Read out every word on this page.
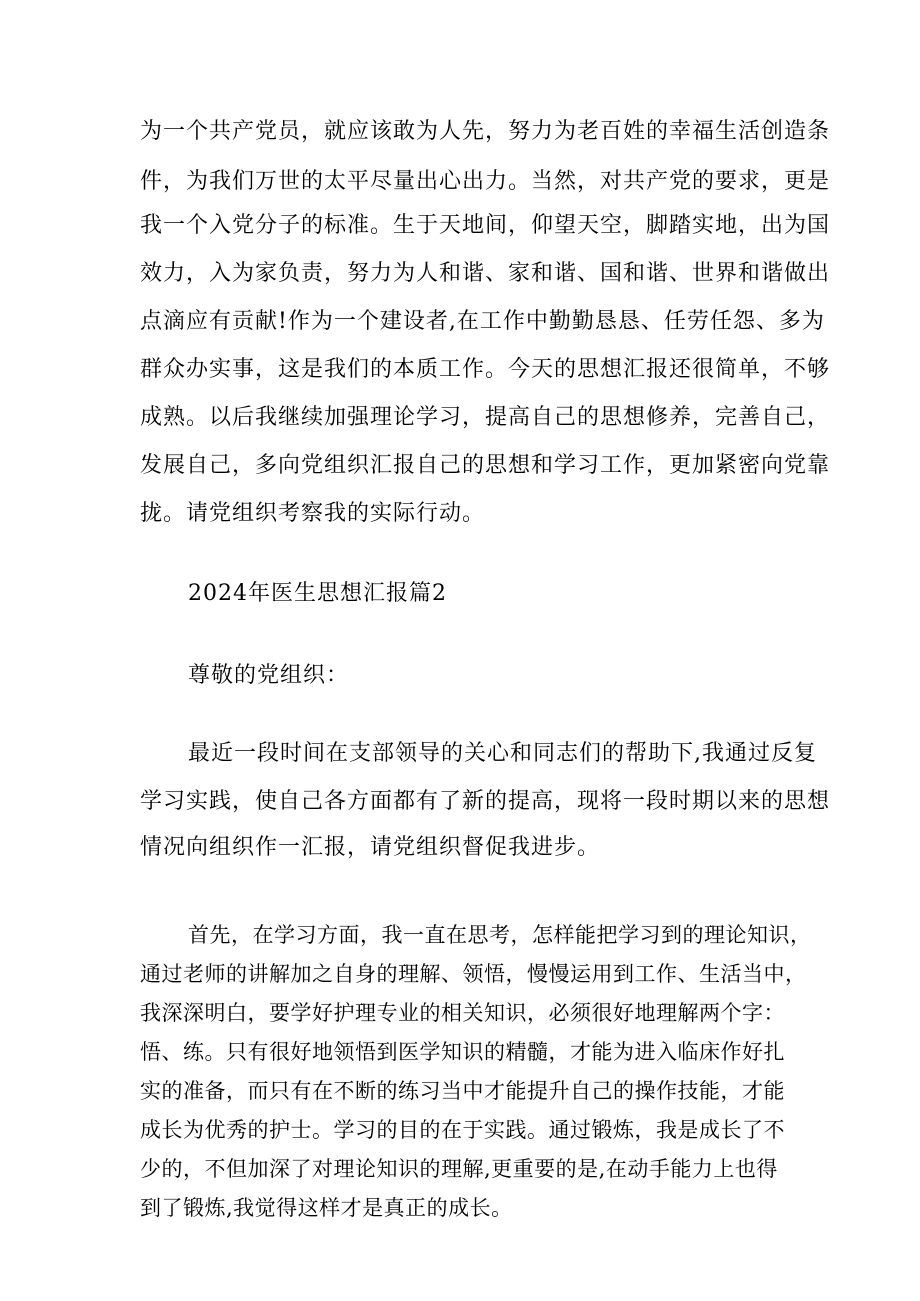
为一个共产党员，就应该敢为人先，努力为老百姓的幸福生活创造条
件，为我们万世的太平尽量出心出力。当然，对共产党的要求，更是
我一个入党分子的标准。生于天地间，仰望天空，脚踏实地，出为国
效力，入为家负责，努力为人和谐、家和谐、国和谐、世界和谐做出
点滴应有贡献!作为一个建设者,在工作中勤勤恳恳、任劳任怨、多为
群众办实事，这是我们的本质工作。今天的思想汇报还很简单，不够
成熟。以后我继续加强理论学习，提高自己的思想修养，完善自己，
发展自己，多向党组织汇报自己的思想和学习工作，更加紧密向党靠
拢。请党组织考察我的实际行动。
2024年医生思想汇报篇2
尊敬的党组织：
最近一段时间在支部领导的关心和同志们的帮助下,我通过反复
学习实践，使自己各方面都有了新的提高，现将一段时期以来的思想
情况向组织作一汇报，请党组织督促我进步。
首先，在学习方面，我一直在思考，怎样能把学习到的理论知识，
通过老师的讲解加之自身的理解、领悟，慢慢运用到工作、生活当中，
我深深明白，要学好护理专业的相关知识，必须很好地理解两个字：
悟、练。只有很好地领悟到医学知识的精髓，才能为进入临床作好扎
实的准备，而只有在不断的练习当中才能提升自己的操作技能，才能
成长为优秀的护士。学习的目的在于实践。通过锻炼，我是成长了不
少的，不但加深了对理论知识的理解,更重要的是,在动手能力上也得
到了锻炼,我觉得这样才是真正的成长。
